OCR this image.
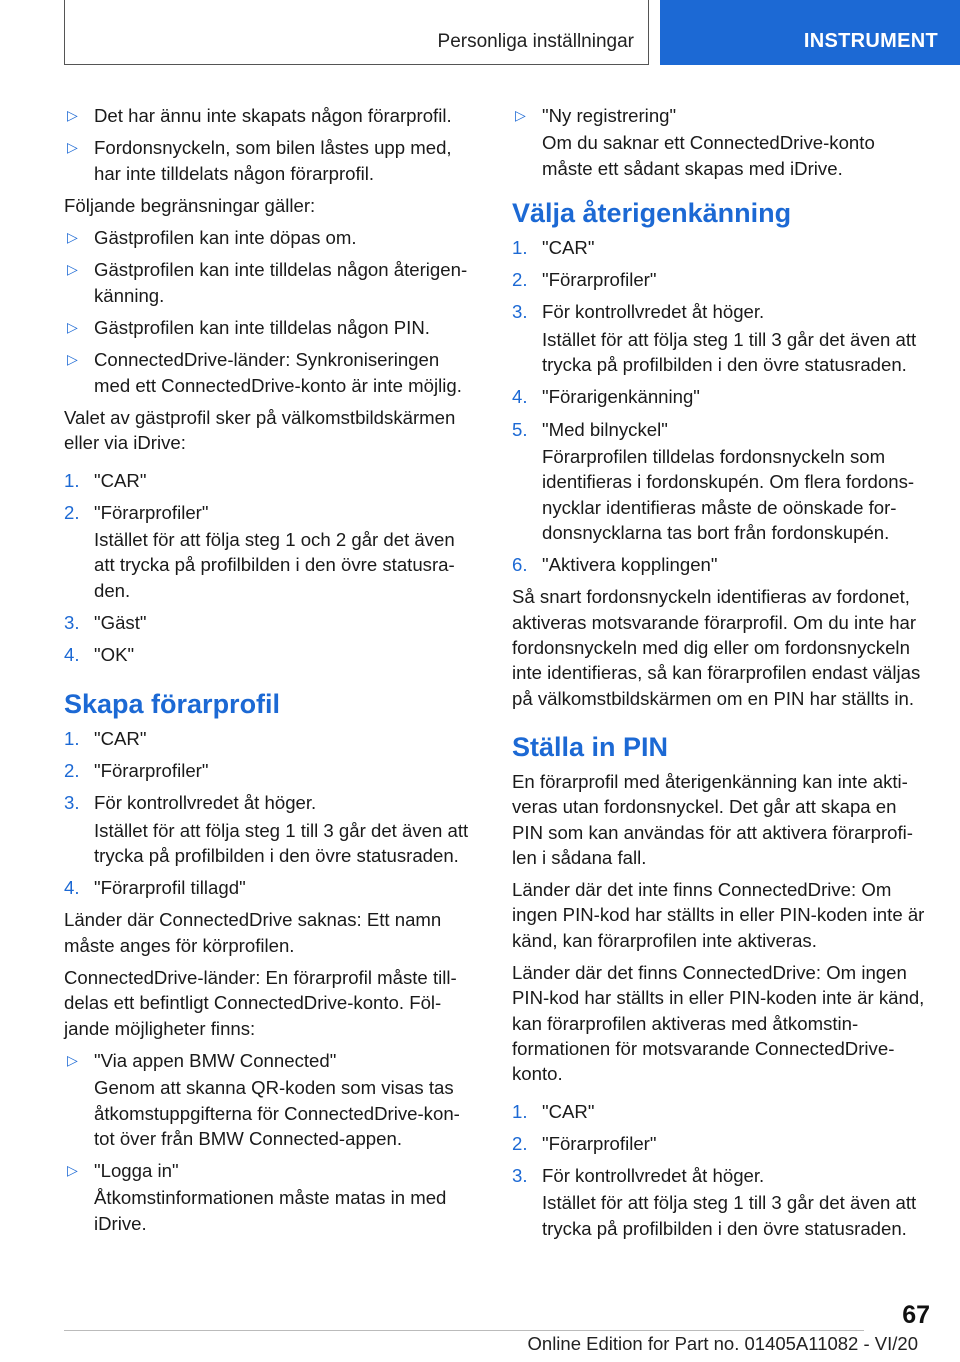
Personliga inställningar	INSTRUMENT
▷ Det har ännu inte skapats någon förarprofil.
▷ Fordonsnyckeln, som bilen låstes upp med, har inte tilldelats någon förarprofil.
Följande begränsningar gäller:
▷ Gästprofilen kan inte döpas om.
▷ Gästprofilen kan inte tilldelas någon återigen-känning.
▷ Gästprofilen kan inte tilldelas någon PIN.
▷ ConnectedDrive-länder: Synkroniseringen med ett ConnectedDrive-konto är inte möjlig.
Valet av gästprofil sker på välkomstbildskärmen eller via iDrive:
1. "CAR"
2. "Förarprofiler"
Istället för att följa steg 1 och 2 går det även att trycka på profilbilden i den övre statusra-den.
3. "Gäst"
4. "OK"
Skapa förarprofil
1. "CAR"
2. "Förarprofiler"
3. För kontrollvredet åt höger.
Istället för att följa steg 1 till 3 går det även att trycka på profilbilden i den övre statusraden.
4. "Förarprofil tillagd"
Länder där ConnectedDrive saknas: Ett namn måste anges för körprofilen.
ConnectedDrive-länder: En förarprofil måste till-delas ett befintligt ConnectedDrive-konto. Föl-jande möjligheter finns:
▷ "Via appen BMW Connected"
Genom att skanna QR-koden som visas tas åtkomstuppgifterna för ConnectedDrive-kon-tot över från BMW Connected-appen.
▷ "Logga in"
Åtkomstinformationen måste matas in med iDrive.
▷ "Ny registrering"
Om du saknar ett ConnectedDrive-konto måste ett sådant skapas med iDrive.
Välja återigenkänning
1. "CAR"
2. "Förarprofiler"
3. För kontrollvredet åt höger.
Istället för att följa steg 1 till 3 går det även att trycka på profilbilden i den övre statusraden.
4. "Förarigenkänning"
5. "Med bilnyckel"
Förarprofilen tilldelas fordonsnyckeln som identifieras i fordonskupén. Om flera fordons-nycklar identifieras måste de oönskade for-donsnycklarna tas bort från fordonskupén.
6. "Aktivera kopplingen"
Så snart fordonsnyckeln identifieras av fordonet, aktiveras motsvarande förarprofil. Om du inte har fordonsnyckeln med dig eller om fordonsnyckeln inte identifieras, så kan förarprofilen endast väljas på välkomstbildskärmen om en PIN har ställts in.
Ställa in PIN
En förarprofil med återigenkänning kan inte akti-veras utan fordonsnyckel. Det går att skapa en PIN som kan användas för att aktivera förarprofi-len i sådana fall.
Länder där det inte finns ConnectedDrive: Om ingen PIN-kod har ställts in eller PIN-koden inte är känd, kan förarprofilen inte aktiveras.
Länder där det finns ConnectedDrive: Om ingen PIN-kod har ställts in eller PIN-koden inte är känd, kan förarprofilen aktiveras med åtkomstin-formationen för motsvarande ConnectedDrive-konto.
1. "CAR"
2. "Förarprofiler"
3. För kontrollvredet åt höger.
Istället för att följa steg 1 till 3 går det även att trycka på profilbilden i den övre statusraden.
67
Online Edition for Part no. 01405A11082 - VI/20
